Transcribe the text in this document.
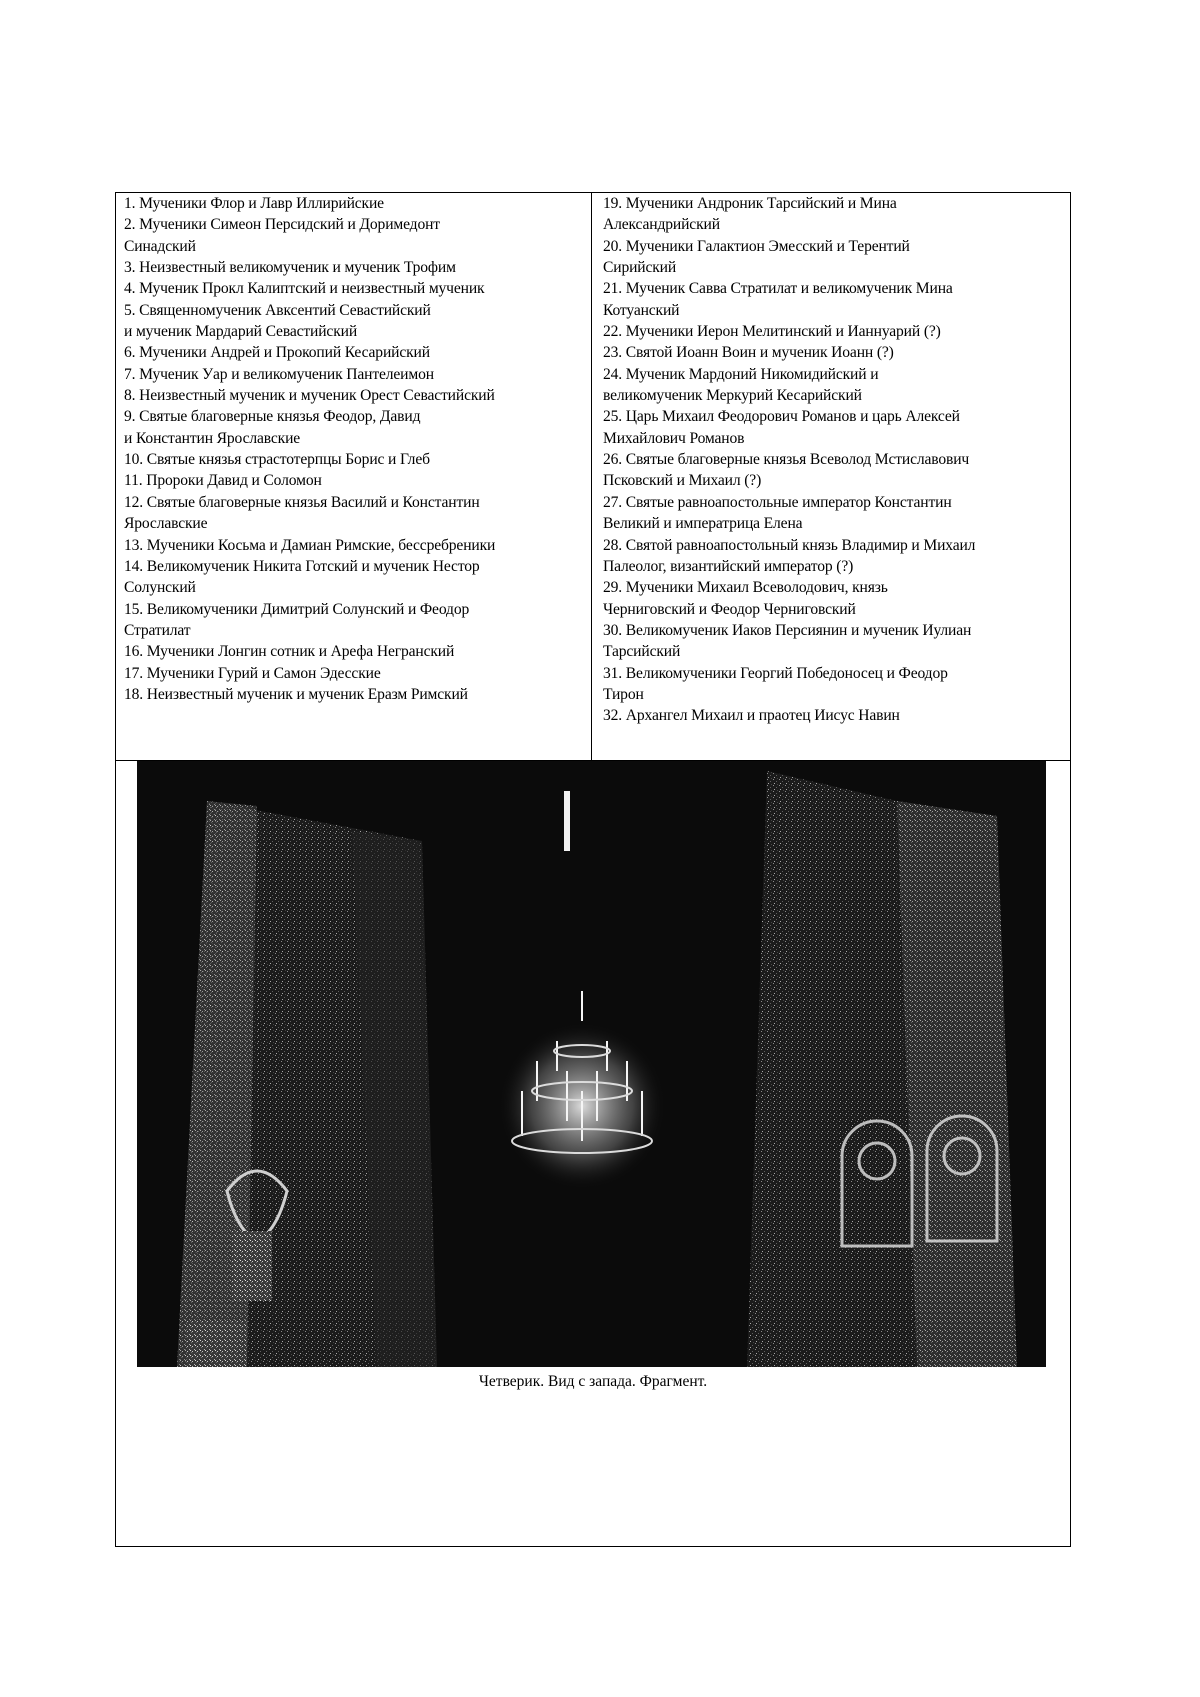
1. Мученики Флор и Лавр Иллирийские

2. Мученики Симеон Персидский и Доримедонт
Синадский

3. Неизвестный великомученик и мученик Трофим

4. Мученик Прокл Калиптский и неизвестный мученик

5. Священномученик Авксентий Севастийский
и мученик Мардарий Севастийский

6. Мученики Андрей и Прокопий Кесарийский

7. Мученик Уар и великомученик Пантелеимон

8. Неизвестный мученик и мученик Орест Севастийский

9. Святые благоверные князья Феодор, Давид
и Константин Ярославские

10. Святые князья страстотерпцы Борис и Глеб

11. Пророки Давид и Соломон

12. Святые благоверные князья Василий и Константин
Ярославские

13. Мученики Косьма и Дамиан Римские, бессребреники

14. Великомученик Никита Готский и мученик Нестор
Солунский

15. Великомученики Димитрий Солунский и Феодор
Стратилат

16. Мученики Лонгин сотник и Арефа Негранский

17. Мученики Гурий и Самон Эдесские

18. Неизвестный мученик и мученик Еразм Римский

19. Мученики Андроник Тарсийский и Мина
Александрийский

20. Мученики Галактион Эмесский и Терентий
Сирийский

21. Мученик Савва Стратилат и великомученик Мина
Котуанский

22. Мученики Иерон Мелитинский и Ианнуарий (?)

23. Святой Иоанн Воин и мученик Иоанн (?)

24. Мученик Мардоний Никомидийский и
великомученик Меркурий Кесарийский

25. Царь Михаил Феодорович Романов и царь Алексей
Михайлович Романов

26. Святые благоверные князья Всеволод Мстиславович
Псковский и Михаил (?)

27. Святые равноапостольные император Константин
Великий и императрица Елена

28. Святой равноапостольный князь Владимир и Михаил
Палеолог, византийский император (?)

29. Мученики Михаил Всеволодович, князь
Черниговский и Феодор Черниговский

30. Великомученик Иаков Персиянин и мученик Иулиан
Тарсийский

31. Великомученики Георгий Победоносец и Феодор
Тирон

32. Архангел Михаил и праотец Иисус Навин

Четверик. Вид с запада. Фрагмент.
